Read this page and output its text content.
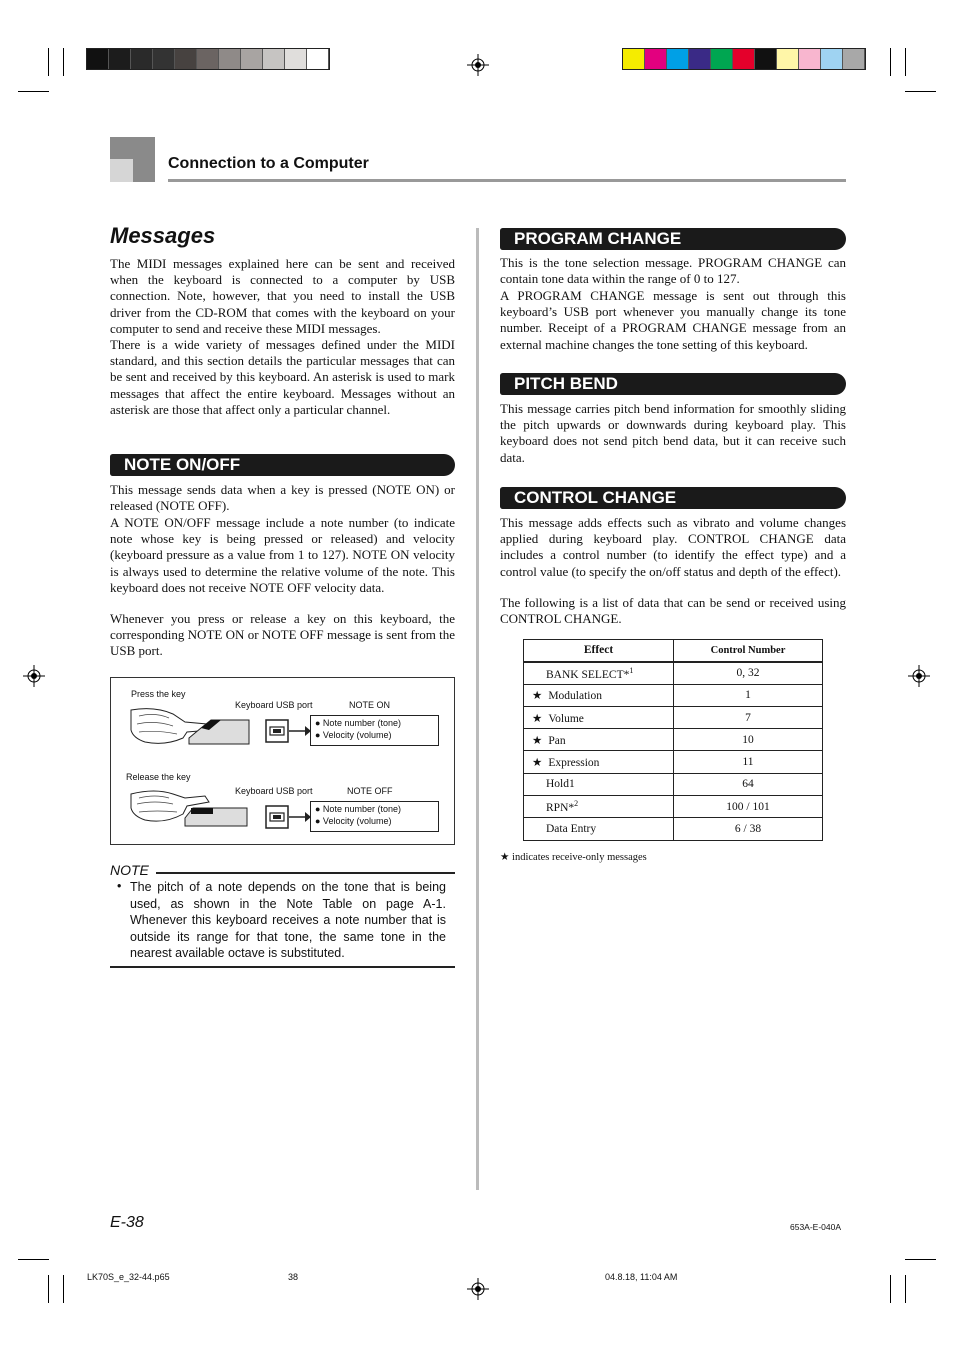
Connection to a Computer
Messages

The MIDI messages explained here can be sent and received when the keyboard is connected to a computer by USB connection. Note, however, that you need to install the USB driver from the CD-ROM that comes with the keyboard on your computer to send and receive these MIDI messages.

There is a wide variety of messages defined under the MIDI standard, and this section details the particular messages that can be sent and received by this keyboard. An asterisk is used to mark messages that affect the entire keyboard. Messages without an asterisk are those that affect only a particular channel.

NOTE ON/OFF

This message sends data when a key is pressed (NOTE ON) or released (NOTE OFF).

A NOTE ON/OFF message include a note number (to indicate note whose key is being pressed or released) and velocity (keyboard pressure as a value from 1 to 127). NOTE ON velocity is always used to determine the relative volume of the note. This keyboard does not receive NOTE OFF velocity data.

Whenever you press or release a key on this keyboard, the corresponding NOTE ON or NOTE OFF message is sent from the USB port.

Press the key
Keyboard USB port	NOTE ON
● Note number (tone)
● Velocity (volume)
Release the key
Keyboard USB port	NOTE OFF
● Note number (tone)
● Velocity (volume)
NOTE
• The pitch of a note depends on the tone that is being used, as shown in the Note Table on page A-1. Whenever this keyboard receives a note number that is outside its range for that tone, the same tone in the nearest available octave is substituted.

PROGRAM CHANGE

This is the tone selection message. PROGRAM CHANGE can contain tone data within the range of 0 to 127.

A PROGRAM CHANGE message is sent out through this keyboard’s USB port whenever you manually change its tone number. Receipt of a PROGRAM CHANGE message from an external machine changes the tone setting of this keyboard.

PITCH BEND

This message carries pitch bend information for smoothly sliding the pitch upwards or downwards during keyboard play. This keyboard does not send pitch bend data, but it can receive such data.

CONTROL CHANGE

This message adds effects such as vibrato and volume changes applied during keyboard play. CONTROL CHANGE data includes a control number (to identify the effect type) and a control value (to specify the on/off status and depth of the effect).

The following is a list of data that can be send or received using CONTROL CHANGE.

Effect	Control Number
BANK SELECT*$^1$	0, 32
★ Modulation	1
★ Volume	7
★ Pan	10
★ Expression	11
Hold1	64
RPN*$^2$	100 / 101
Data Entry	6 / 38
★ indicates receive-only messages
E-38	653A-E-040A
LK70S_e_32-44.p65	38	04.8.18, 11:04 AM
